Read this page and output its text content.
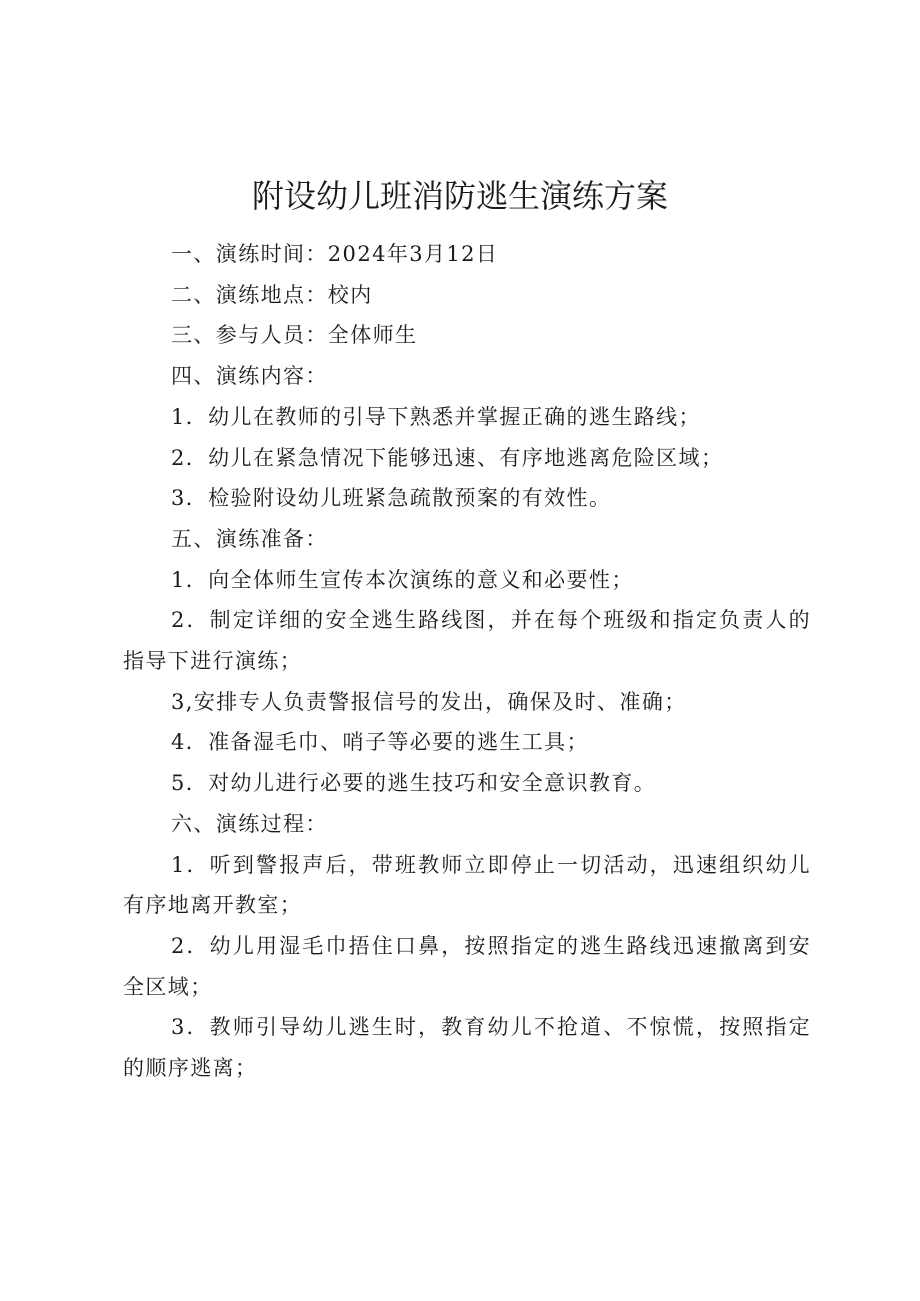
附设幼儿班消防逃生演练方案

一、演练时间：2024年3月12日

二、演练地点：校内

三、参与人员：全体师生

四、演练内容：

1．幼儿在教师的引导下熟悉并掌握正确的逃生路线；

2．幼儿在紧急情况下能够迅速、有序地逃离危险区域；

3．检验附设幼儿班紧急疏散预案的有效性。

五、演练准备：

1．向全体师生宣传本次演练的意义和必要性；

2．制定详细的安全逃生路线图，并在每个班级和指定负责人的指导下进行演练；

3,安排专人负责警报信号的发出，确保及时、准确；

4．准备湿毛巾、哨子等必要的逃生工具；

5．对幼儿进行必要的逃生技巧和安全意识教育。

六、演练过程：

1．听到警报声后，带班教师立即停止一切活动，迅速组织幼儿有序地离开教室；

2．幼儿用湿毛巾捂住口鼻，按照指定的逃生路线迅速撤离到安全区域；

3．教师引导幼儿逃生时，教育幼儿不抢道、不惊慌，按照指定的顺序逃离；
